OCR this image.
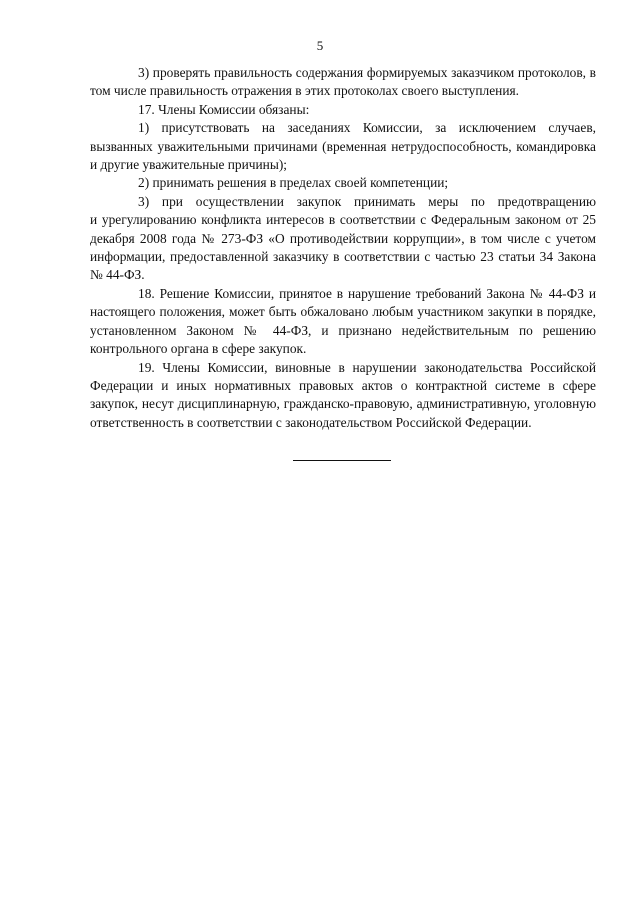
5

3) проверять правильность содержания формируемых заказчиком протоколов, в том числе правильность отражения в этих протоколах своего выступления.

17. Члены Комиссии обязаны:

1) присутствовать на заседаниях Комиссии, за исключением случаев, вызванных уважительными причинами (временная нетрудоспособность, командировка и другие уважительные причины);

2) принимать решения в пределах своей компетенции;

3) при осуществлении закупок принимать меры по предотвращению и урегулированию конфликта интересов в соответствии с Федеральным законом от 25 декабря 2008 года № 273-ФЗ «О противодействии коррупции», в том числе с учетом информации, предоставленной заказчику в соответствии с частью 23 статьи 34 Закона № 44-ФЗ.

18. Решение Комиссии, принятое в нарушение требований Закона № 44-ФЗ и настоящего положения, может быть обжаловано любым участником закупки в порядке, установленном Законом № 44-ФЗ, и признано недействительным по решению контрольного органа в сфере закупок.

19. Члены Комиссии, виновные в нарушении законодательства Российской Федерации и иных нормативных правовых актов о контрактной системе в сфере закупок, несут дисциплинарную, гражданско-правовую, административную, уголовную ответственность в соответствии с законодательством Российской Федерации.
